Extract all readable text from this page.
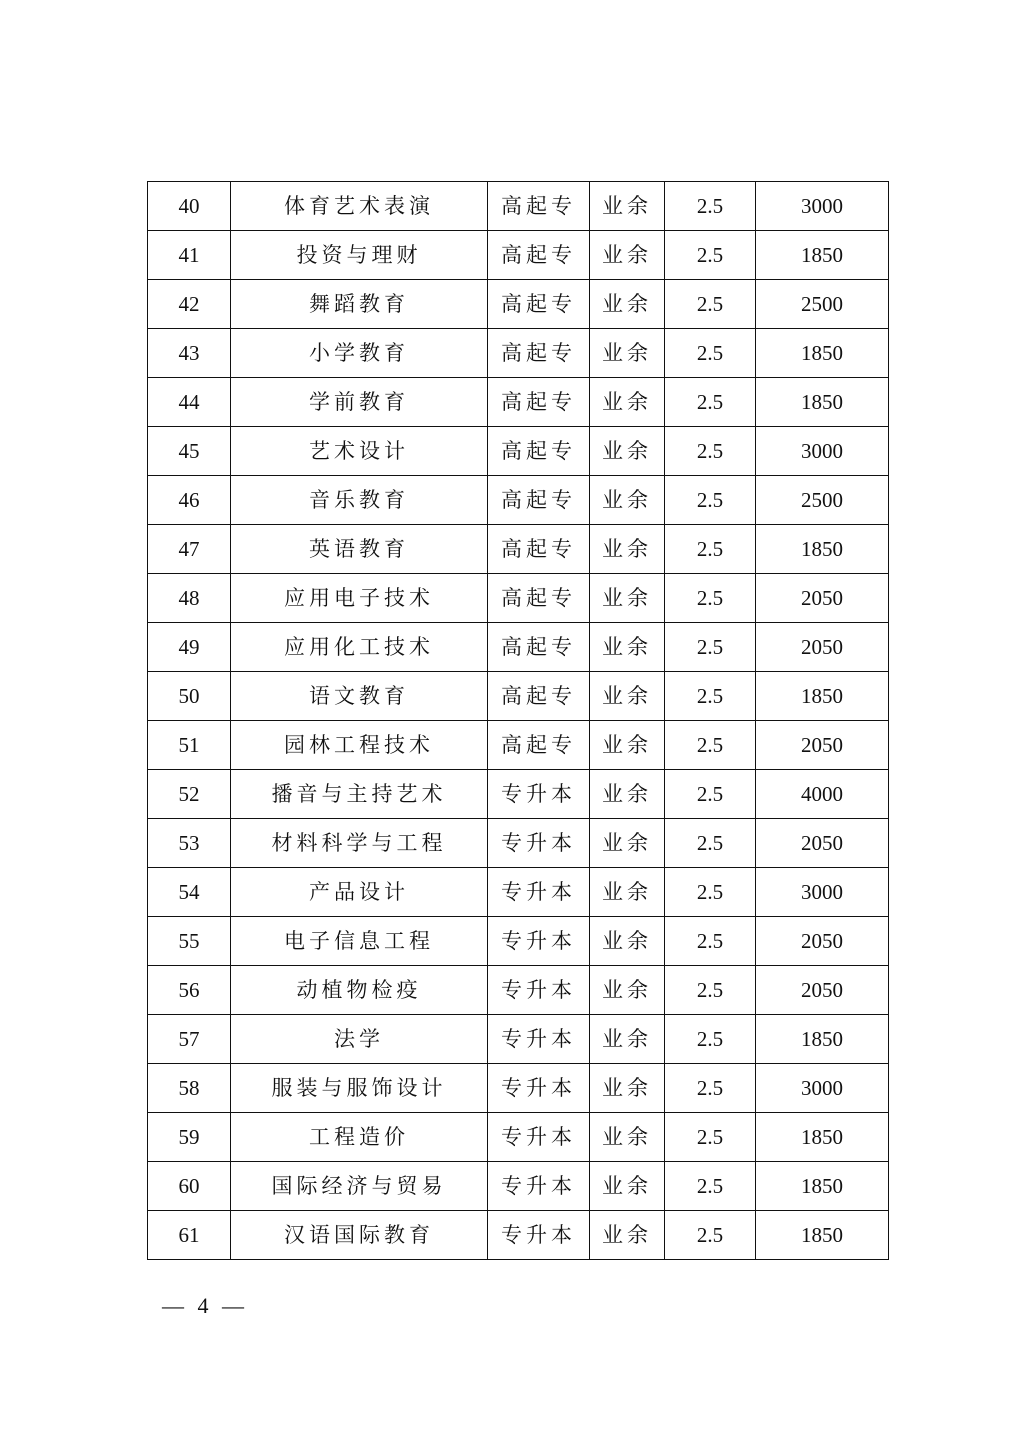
40	体育艺术表演	高起专	业余	2.5	3000
41	投资与理财	高起专	业余	2.5	1850
42	舞蹈教育	高起专	业余	2.5	2500
43	小学教育	高起专	业余	2.5	1850
44	学前教育	高起专	业余	2.5	1850
45	艺术设计	高起专	业余	2.5	3000
46	音乐教育	高起专	业余	2.5	2500
47	英语教育	高起专	业余	2.5	1850
48	应用电子技术	高起专	业余	2.5	2050
49	应用化工技术	高起专	业余	2.5	2050
50	语文教育	高起专	业余	2.5	1850
51	园林工程技术	高起专	业余	2.5	2050
52	播音与主持艺术	专升本	业余	2.5	4000
53	材料科学与工程	专升本	业余	2.5	2050
54	产品设计	专升本	业余	2.5	3000
55	电子信息工程	专升本	业余	2.5	2050
56	动植物检疫	专升本	业余	2.5	2050
57	法学	专升本	业余	2.5	1850
58	服装与服饰设计	专升本	业余	2.5	3000
59	工程造价	专升本	业余	2.5	1850
60	国际经济与贸易	专升本	业余	2.5	1850
61	汉语国际教育	专升本	业余	2.5	1850
— 4 —
